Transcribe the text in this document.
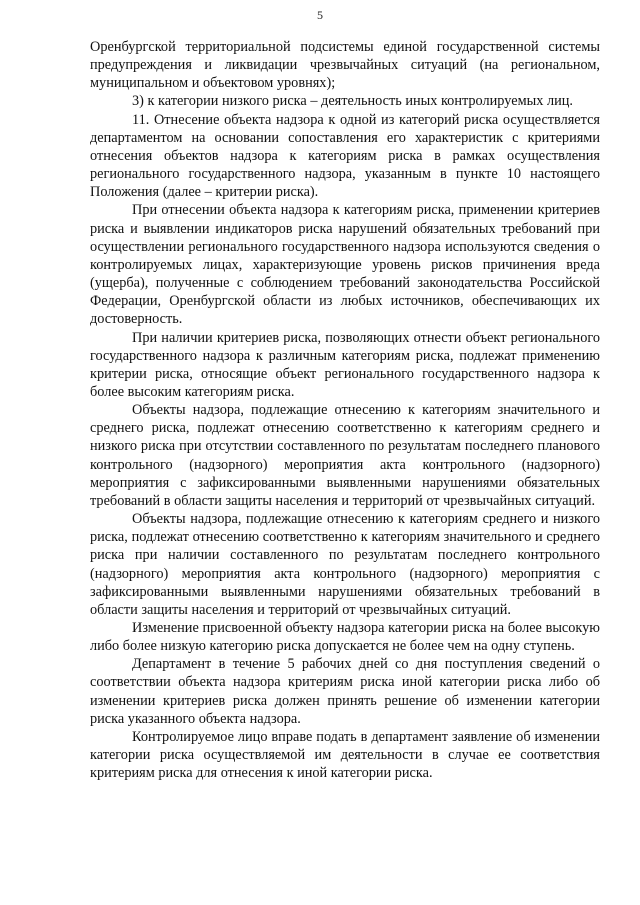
5

Оренбургской территориальной подсистемы единой государственной системы предупреждения и ликвидации чрезвычайных ситуаций (на региональном, муниципальном и объектовом уровнях);

3) к категории низкого риска – деятельность иных контролируемых лиц.

11. Отнесение объекта надзора к одной из категорий риска осуществляется департаментом на основании сопоставления его характеристик с критериями отнесения объектов надзора к категориям риска в рамках осуществления регионального государственного надзора, указанным в пункте 10 настоящего Положения (далее – критерии риска).

При отнесении объекта надзора к категориям риска, применении критериев риска и выявлении индикаторов риска нарушений обязательных требований при осуществлении регионального государственного надзора используются сведения о контролируемых лицах, характеризующие уровень рисков причинения вреда (ущерба), полученные с соблюдением требований законодательства Российской Федерации, Оренбургской области из любых источников, обеспечивающих их достоверность.

При наличии критериев риска, позволяющих отнести объект регионального государственного надзора к различным категориям риска, подлежат применению критерии риска, относящие объект регионального государственного надзора к более высоким категориям риска.

Объекты надзора, подлежащие отнесению к категориям значительного и среднего риска, подлежат отнесению соответственно к категориям среднего и низкого риска при отсутствии составленного по результатам последнего планового контрольного (надзорного) мероприятия акта контрольного (надзорного) мероприятия с зафиксированными выявленными нарушениями обязательных требований в области защиты населения и территорий от чрезвычайных ситуаций.

Объекты надзора, подлежащие отнесению к категориям среднего и низкого риска, подлежат отнесению соответственно к категориям значительного и среднего риска при наличии составленного по результатам последнего контрольного (надзорного) мероприятия акта контрольного (надзорного) мероприятия с зафиксированными выявленными нарушениями обязательных требований в области защиты населения и территорий от чрезвычайных ситуаций.

Изменение присвоенной объекту надзора категории риска на более высокую либо более низкую категорию риска допускается не более чем на одну ступень.

Департамент в течение 5 рабочих дней со дня поступления сведений о соответствии объекта надзора критериям риска иной категории риска либо об изменении критериев риска должен принять решение об изменении категории риска указанного объекта надзора.

Контролируемое лицо вправе подать в департамент заявление об изменении категории риска осуществляемой им деятельности в случае ее соответствия критериям риска для отнесения к иной категории риска.
